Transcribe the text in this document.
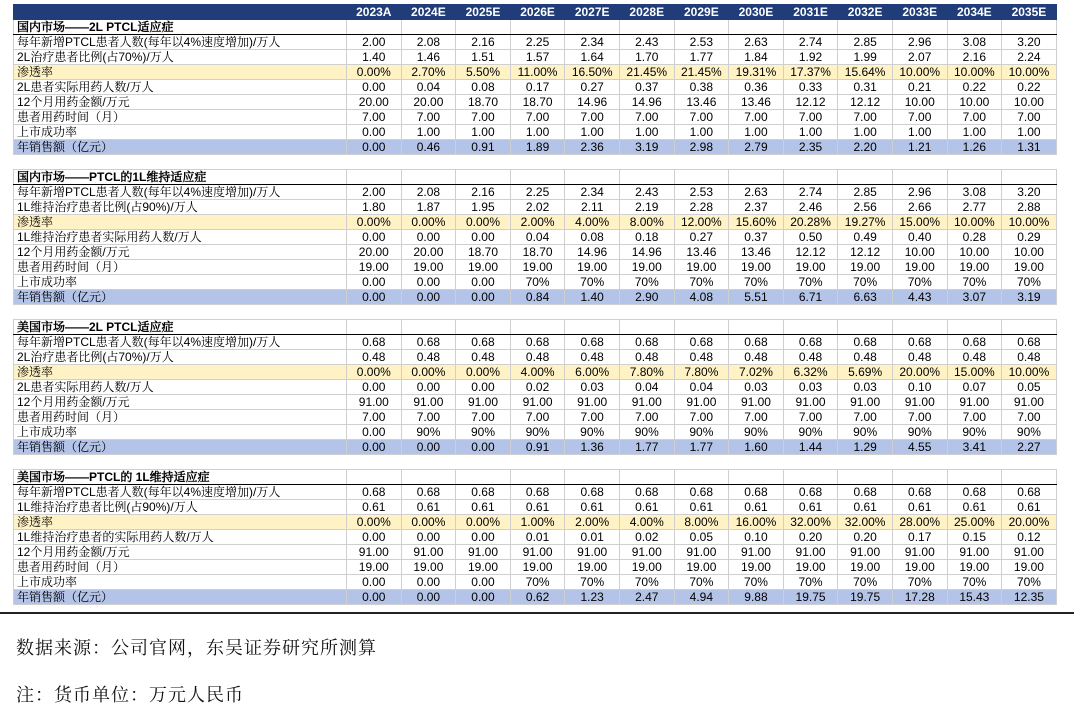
	2023A	2024E	2025E	2026E	2027E	2028E	2029E	2030E	2031E	2032E	2033E	2034E	2035E
国内市场——2L PTCL适应症													
每年新增PTCL患者人数(每年以4%速度增加)/万人	2.00	2.08	2.16	2.25	2.34	2.43	2.53	2.63	2.74	2.85	2.96	3.08	3.20
2L治疗患者比例(占70%)/万人	1.40	1.46	1.51	1.57	1.64	1.70	1.77	1.84	1.92	1.99	2.07	2.16	2.24
渗透率	0.00%	2.70%	5.50%	11.00%	16.50%	21.45%	21.45%	19.31%	17.37%	15.64%	10.00%	10.00%	10.00%
2L患者实际用药人数/万人	0.00	0.04	0.08	0.17	0.27	0.37	0.38	0.36	0.33	0.31	0.21	0.22	0.22
12个月用药金额/万元	20.00	20.00	18.70	18.70	14.96	14.96	13.46	13.46	12.12	12.12	10.00	10.00	10.00
患者用药时间（月）	7.00	7.00	7.00	7.00	7.00	7.00	7.00	7.00	7.00	7.00	7.00	7.00	7.00
上市成功率	0.00	1.00	1.00	1.00	1.00	1.00	1.00	1.00	1.00	1.00	1.00	1.00	1.00
年销售额（亿元）	0.00	0.46	0.91	1.89	2.36	3.19	2.98	2.79	2.35	2.20	1.21	1.26	1.31

国内市场——PTCL的1L维持适应症													
每年新增PTCL患者人数(每年以4%速度增加)/万人	2.00	2.08	2.16	2.25	2.34	2.43	2.53	2.63	2.74	2.85	2.96	3.08	3.20
1L维持治疗患者比例(占90%)/万人	1.80	1.87	1.95	2.02	2.11	2.19	2.28	2.37	2.46	2.56	2.66	2.77	2.88
渗透率	0.00%	0.00%	0.00%	2.00%	4.00%	8.00%	12.00%	15.60%	20.28%	19.27%	15.00%	10.00%	10.00%
1L维持治疗患者实际用药人数/万人	0.00	0.00	0.00	0.04	0.08	0.18	0.27	0.37	0.50	0.49	0.40	0.28	0.29
12个月用药金额/万元	20.00	20.00	18.70	18.70	14.96	14.96	13.46	13.46	12.12	12.12	10.00	10.00	10.00
患者用药时间（月）	19.00	19.00	19.00	19.00	19.00	19.00	19.00	19.00	19.00	19.00	19.00	19.00	19.00
上市成功率	0.00	0.00	0.00	70%	70%	70%	70%	70%	70%	70%	70%	70%	70%
年销售额（亿元）	0.00	0.00	0.00	0.84	1.40	2.90	4.08	5.51	6.71	6.63	4.43	3.07	3.19

美国市场——2L PTCL适应症													
每年新增PTCL患者人数(每年以4%速度增加)/万人	0.68	0.68	0.68	0.68	0.68	0.68	0.68	0.68	0.68	0.68	0.68	0.68	0.68
2L治疗患者比例(占70%)/万人	0.48	0.48	0.48	0.48	0.48	0.48	0.48	0.48	0.48	0.48	0.48	0.48	0.48
渗透率	0.00%	0.00%	0.00%	4.00%	6.00%	7.80%	7.80%	7.02%	6.32%	5.69%	20.00%	15.00%	10.00%
2L患者实际用药人数/万人	0.00	0.00	0.00	0.02	0.03	0.04	0.04	0.03	0.03	0.03	0.10	0.07	0.05
12个月用药金额/万元	91.00	91.00	91.00	91.00	91.00	91.00	91.00	91.00	91.00	91.00	91.00	91.00	91.00
患者用药时间（月）	7.00	7.00	7.00	7.00	7.00	7.00	7.00	7.00	7.00	7.00	7.00	7.00	7.00
上市成功率	0.00	90%	90%	90%	90%	90%	90%	90%	90%	90%	90%	90%	90%
年销售额（亿元）	0.00	0.00	0.00	0.91	1.36	1.77	1.77	1.60	1.44	1.29	4.55	3.41	2.27

美国市场——PTCL的 1L维持适应症													
每年新增PTCL患者人数(每年以4%速度增加)/万人	0.68	0.68	0.68	0.68	0.68	0.68	0.68	0.68	0.68	0.68	0.68	0.68	0.68
1L维持治疗患者比例(占90%)/万人	0.61	0.61	0.61	0.61	0.61	0.61	0.61	0.61	0.61	0.61	0.61	0.61	0.61
渗透率	0.00%	0.00%	0.00%	1.00%	2.00%	4.00%	8.00%	16.00%	32.00%	32.00%	28.00%	25.00%	20.00%
1L维持治疗患者的实际用药人数/万人	0.00	0.00	0.00	0.01	0.01	0.02	0.05	0.10	0.20	0.20	0.17	0.15	0.12
12个月用药金额/万元	91.00	91.00	91.00	91.00	91.00	91.00	91.00	91.00	91.00	91.00	91.00	91.00	91.00
患者用药时间（月）	19.00	19.00	19.00	19.00	19.00	19.00	19.00	19.00	19.00	19.00	19.00	19.00	19.00
上市成功率	0.00	0.00	0.00	70%	70%	70%	70%	70%	70%	70%	70%	70%	70%
年销售额（亿元）	0.00	0.00	0.00	0.62	1.23	2.47	4.94	9.88	19.75	19.75	17.28	15.43	12.35
数据来源：公司官网，东吴证券研究所测算
注：货币单位：万元人民币
